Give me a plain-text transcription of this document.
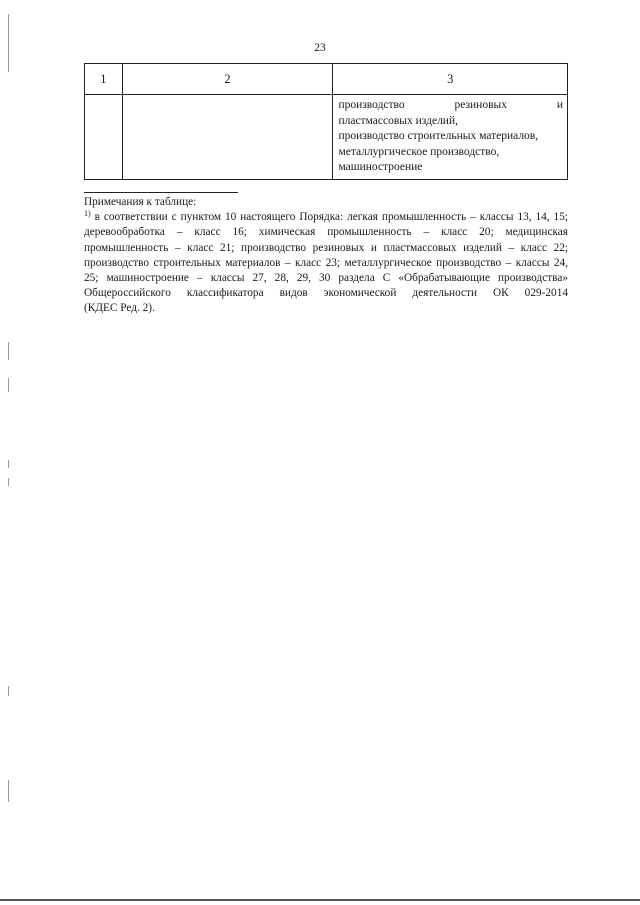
23
1	2	3

		производство резиновых и
пластмассовых изделий,
производство строительных материалов,
металлургическое производство,
машиностроение
Примечания к таблице:
$^{1)}$ в соответствии с пунктом 10 настоящего Порядка: легкая промышленность – классы 13, 14, 15;
деревообработка – класс 16; химическая промышленность – класс 20; медицинская
промышленность – класс 21; производство резиновых и пластмассовых изделий – класс 22;
производство строительных материалов – класс 23; металлургическое производство – классы 24,
25; машиностроение – классы 27, 28, 29, 30 раздела С «Обрабатывающие производства»
Общероссийского классификатора видов экономической деятельности ОК 029-2014
(КДЕС Ред. 2).
